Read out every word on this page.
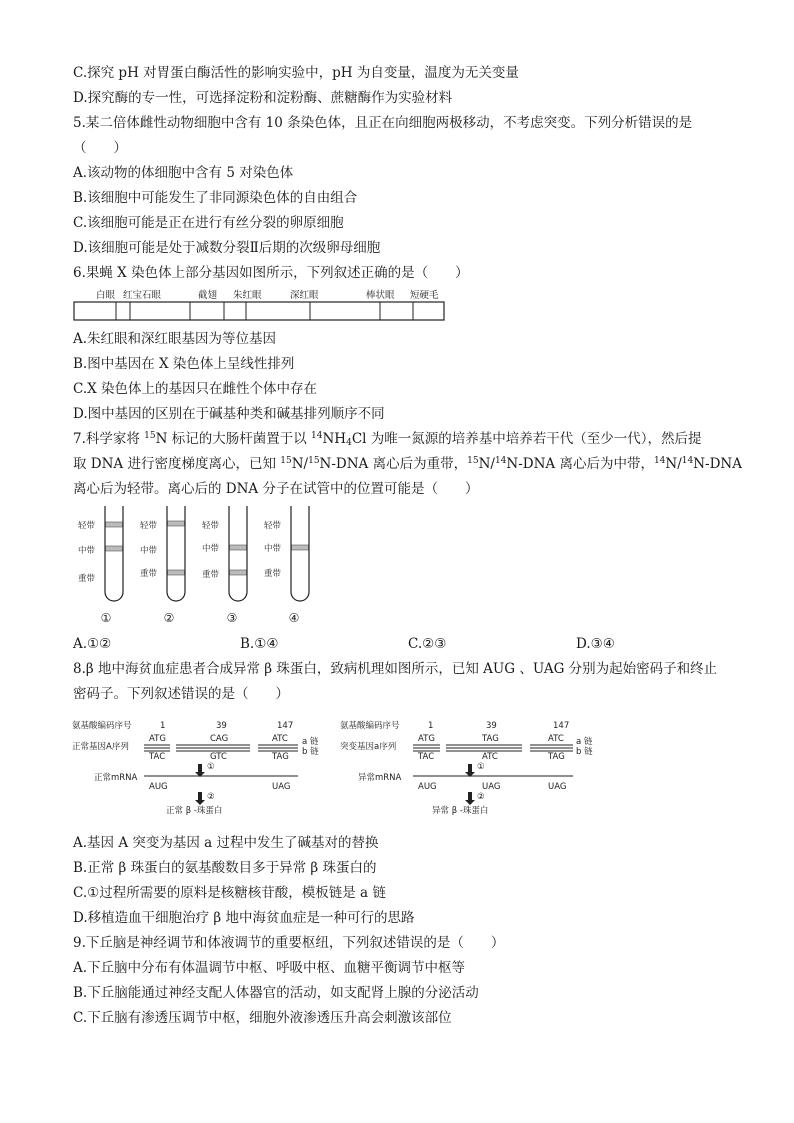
C.探究 pH 对胃蛋白酶活性的影响实验中，pH 为自变量，温度为无关变量
D.探究酶的专一性，可选择淀粉和淀粉酶、蔗糖酶作为实验材料
5.某二倍体雌性动物细胞中含有 10 条染色体，且正在向细胞两极移动，不考虑突变。下列分析错误的是
（　　）
A.该动物的体细胞中含有 5 对染色体
B.该细胞中可能发生了非同源染色体的自由组合
C.该细胞可能是正在进行有丝分裂的卵原细胞
D.该细胞可能是处于减数分裂Ⅱ后期的次级卵母细胞
6.果蝇 X 染色体上部分基因如图所示，下列叙述正确的是（　　）
白眼 红宝石眼	截翅 朱红眼	深红眼	棒状眼 短硬毛
A.朱红眼和深红眼基因为等位基因
B.图中基因在 X 染色体上呈线性排列
C.X 染色体上的基因只在雌性个体中存在
D.图中基因的区别在于碱基种类和碱基排列顺序不同
7.科学家将 $^{15}$N 标记的大肠杆菌置于以 $^{14}NH_4Cl$ 为唯一氮源的培养基中培养若干代（至少一代），然后提
取 DNA 进行密度梯度离心，已知 $^{15}$N/$^{15}$N-DNA 离心后为重带，$^{15}$N/$^{14}$N-DNA 离心后为中带，$^{14}$N/$^{14}$N-DNA
离心后为轻带。离心后的 DNA 分子在试管中的位置可能是（　　）
轻带
中带
重带
轻带
中带
重带
轻带
中带
重带
轻带
中带
重带
①	②	③	④
A.①②	B.①④	C.②③	D.③④
8.β 地中海贫血症患者合成异常 β 珠蛋白，致病机理如图所示，已知 AUG 、UAG 分别为起始密码子和终止
密码子。下列叙述错误的是（　　）
氨基酸编码序号	1	39	147
正常基因A序列
ATG	CAG	ATC
TAC	GTC	TAG
a 链
b 链
①
正常mRNA
AUG	UAG
②
正常 β -珠蛋白
氨基酸编码序号	1	39	147
突变基因a序列
ATG	TAG	ATC
TAC	ATC	TAG
a 链
b 链
①
异常mRNA
AUG	UAG	UAG
②
异常 β -珠蛋白
A.基因 A 突变为基因 a 过程中发生了碱基对的替换
B.正常 β 珠蛋白的氨基酸数目多于异常 β 珠蛋白的
C.①过程所需要的原料是核糖核苷酸，模板链是 a 链
D.移植造血干细胞治疗 β 地中海贫血症是一种可行的思路
9.下丘脑是神经调节和体液调节的重要枢纽，下列叙述错误的是（　　）
A.下丘脑中分布有体温调节中枢、呼吸中枢、血糖平衡调节中枢等
B.下丘脑能通过神经支配人体器官的活动，如支配肾上腺的分泌活动
C.下丘脑有渗透压调节中枢，细胞外液渗透压升高会刺激该部位
